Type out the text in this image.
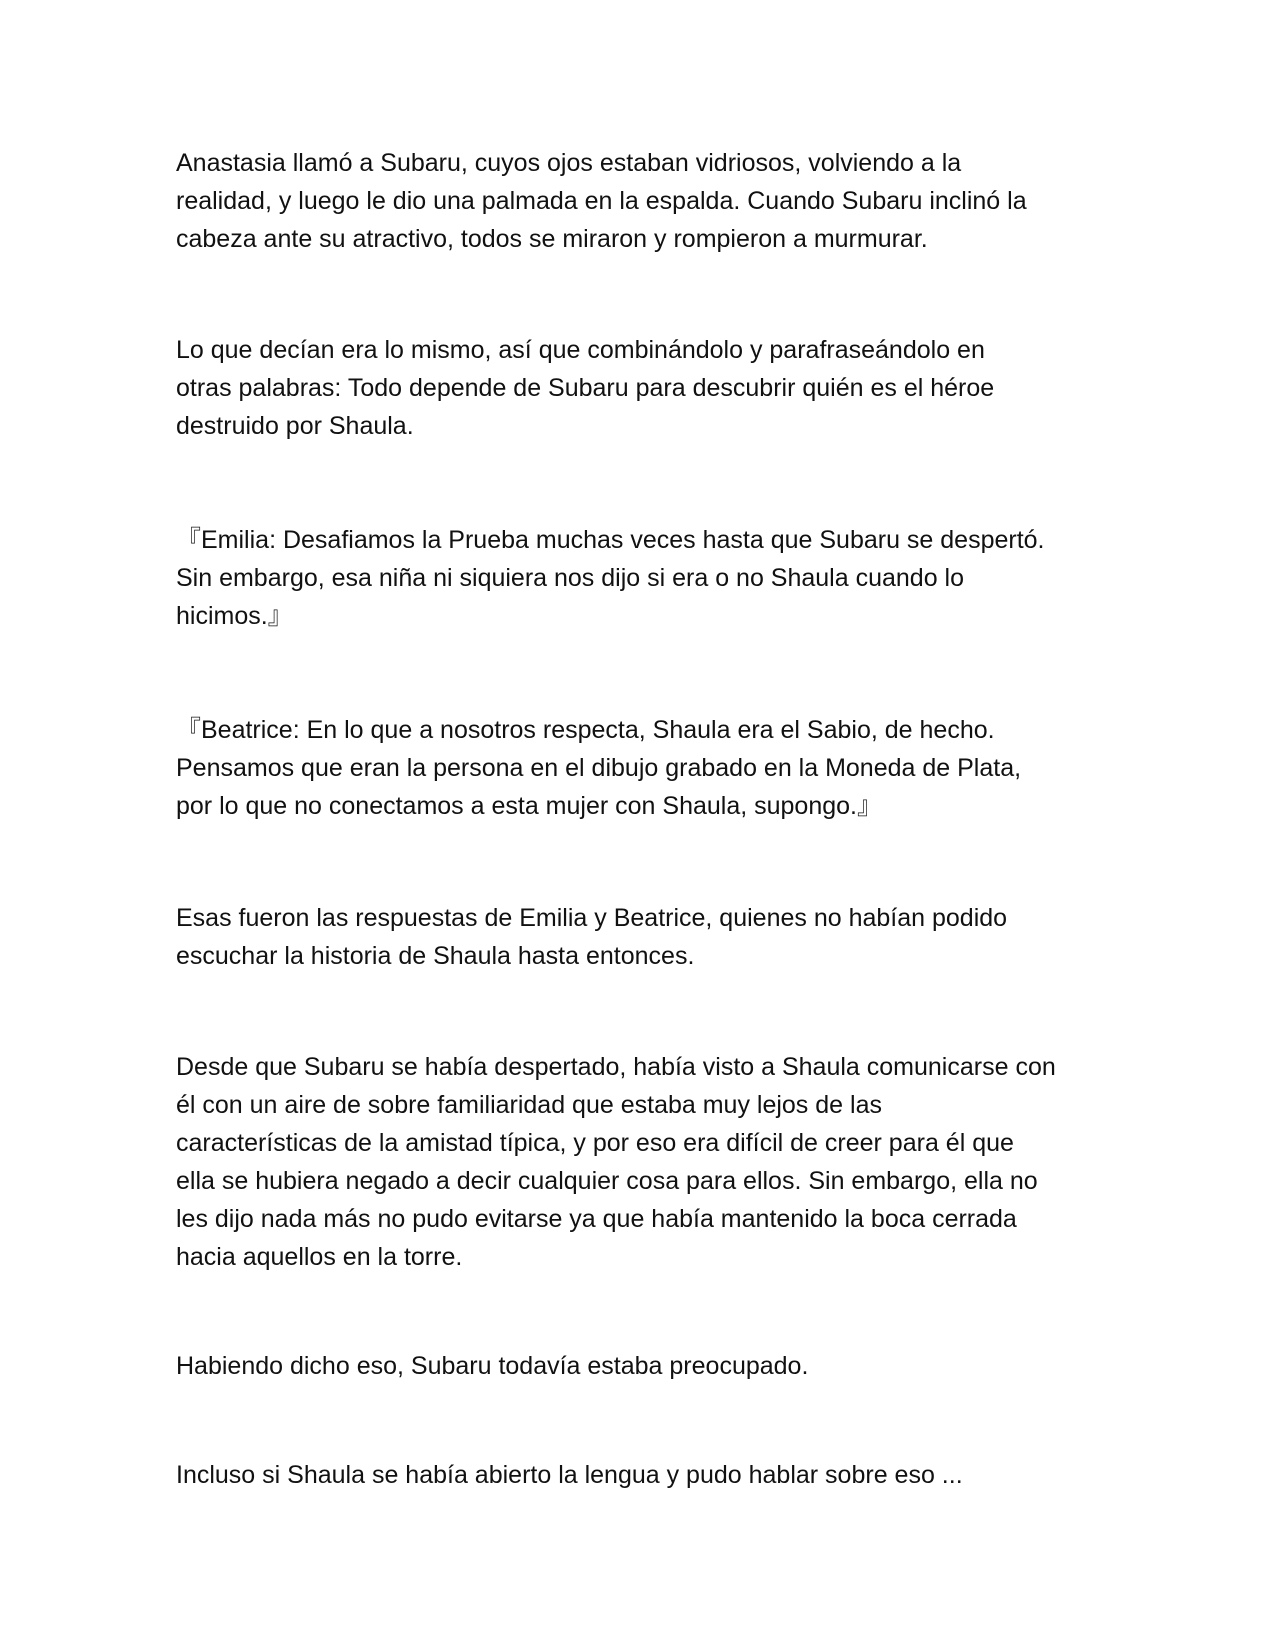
Anastasia llamó a Subaru, cuyos ojos estaban vidriosos, volviendo a la
realidad, y luego le dio una palmada en la espalda. Cuando Subaru inclinó la
cabeza ante su atractivo, todos se miraron y rompieron a murmurar.
Lo que decían era lo mismo, así que combinándolo y parafraseándolo en
otras palabras: Todo depende de Subaru para descubrir quién es el héroe
destruido por Shaula.
『Emilia: Desafiamos la Prueba muchas veces hasta que Subaru se despertó.
Sin embargo, esa niña ni siquiera nos dijo si era o no Shaula cuando lo
hicimos.』
『Beatrice: En lo que a nosotros respecta, Shaula era el Sabio, de hecho.
Pensamos que eran la persona en el dibujo grabado en la Moneda de Plata,
por lo que no conectamos a esta mujer con Shaula, supongo.』
Esas fueron las respuestas de Emilia y Beatrice, quienes no habían podido
escuchar la historia de Shaula hasta entonces.
Desde que Subaru se había despertado, había visto a Shaula comunicarse con
él con un aire de sobre familiaridad que estaba muy lejos de las
características de la amistad típica, y por eso era difícil de creer para él que
ella se hubiera negado a decir cualquier cosa para ellos. Sin embargo, ella no
les dijo nada más no pudo evitarse ya que había mantenido la boca cerrada
hacia aquellos en la torre.
Habiendo dicho eso, Subaru todavía estaba preocupado.
Incluso si Shaula se había abierto la lengua y pudo hablar sobre eso ...
